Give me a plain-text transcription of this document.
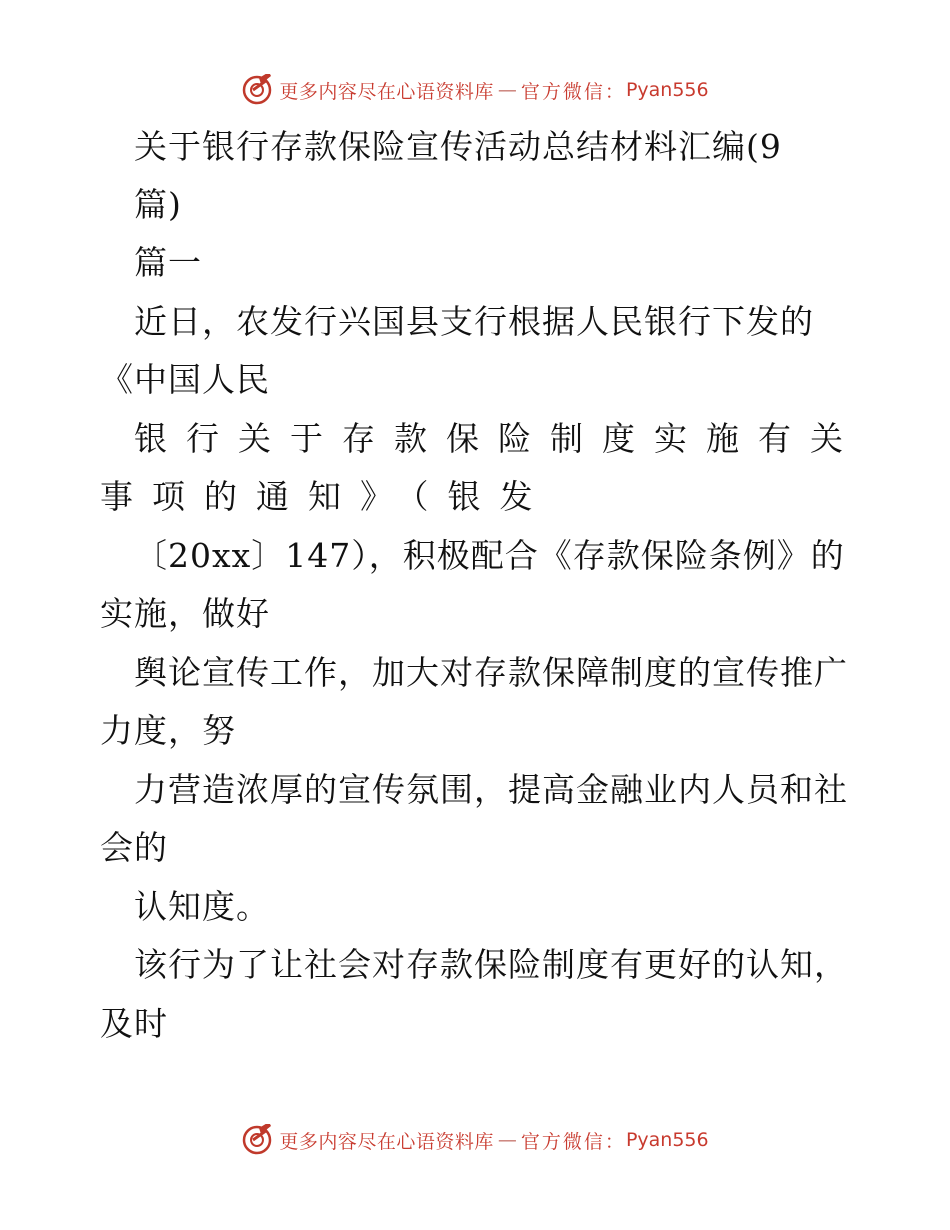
更多内容尽在心语资料库 — 官方微信： Pyan556
关于银行存款保险宣传活动总结材料汇编(9
篇)
篇一
近日，农发行兴国县支行根据人民银行下发的
《中国人民
银行关于存款保险制度实施有关
事项的通知》（银发
〔20xx〕147），积极配合《存款保险条例》的
实施，做好
舆论宣传工作，加大对存款保障制度的宣传推广
力度，努
力营造浓厚的宣传氛围，提高金融业内人员和社
会的
认知度。
该行为了让社会对存款保险制度有更好的认知，
及时
更多内容尽在心语资料库 — 官方微信： Pyan556
